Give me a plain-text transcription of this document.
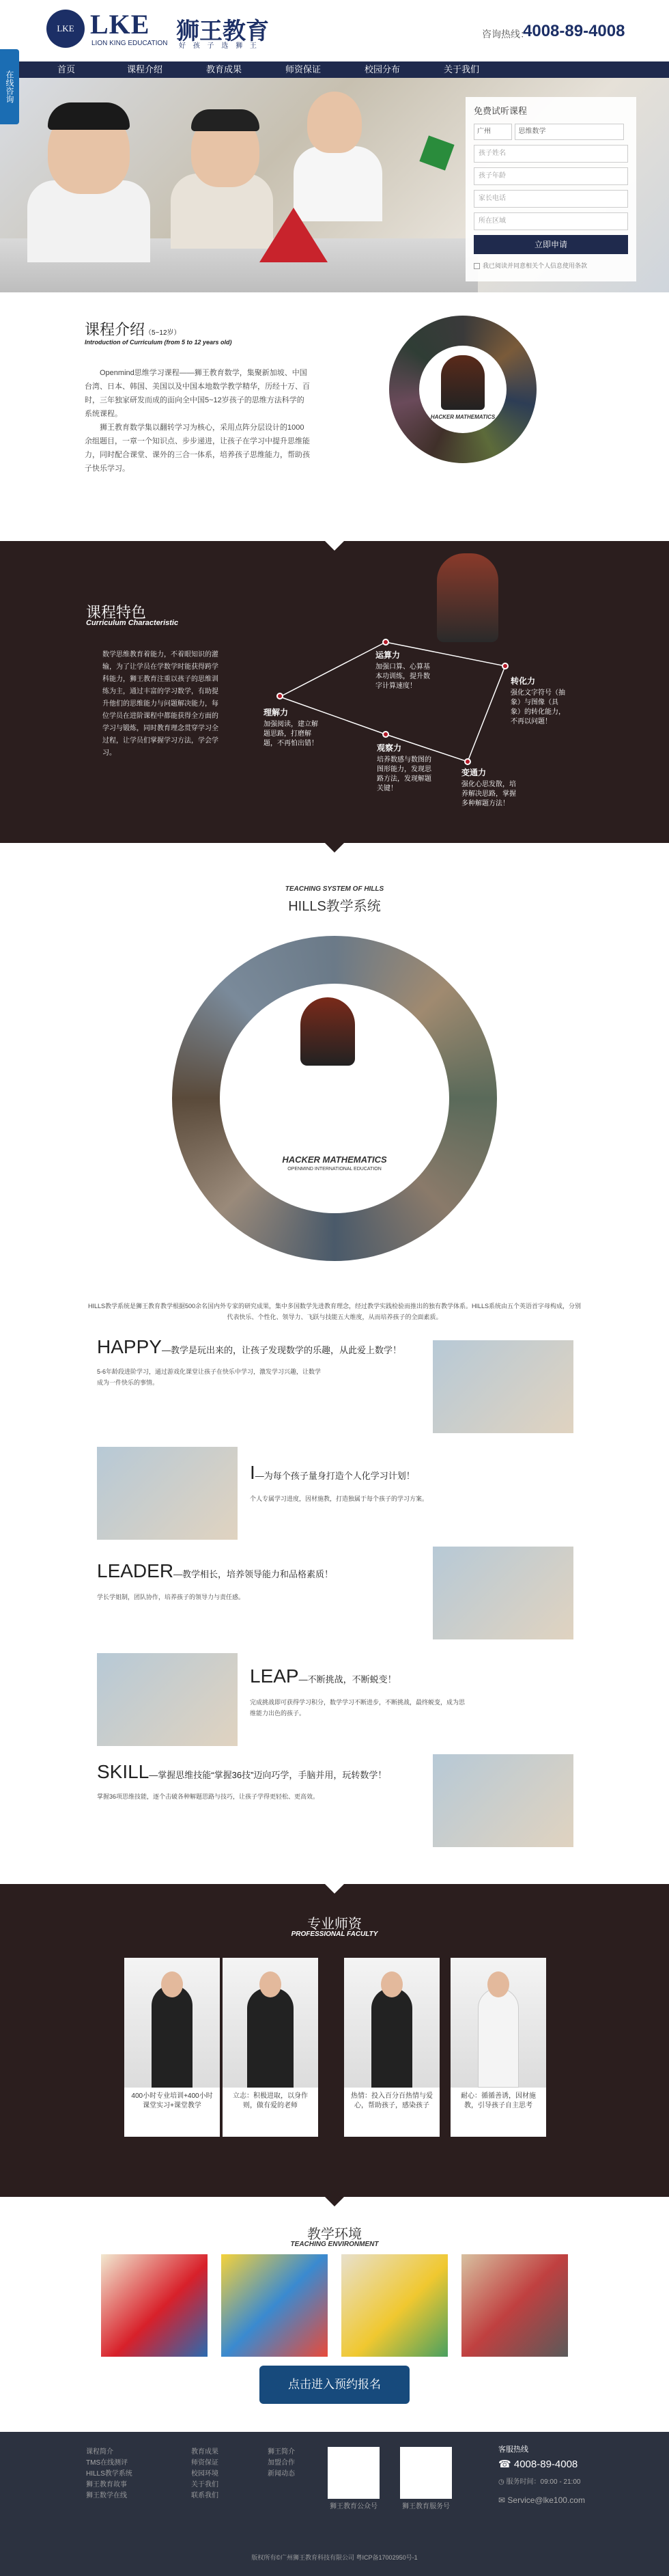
LKE LKE
LION KING EDUCATION 狮王教育
好 孩 子 选 狮 王
咨询热线：
4008-89-4008
首页	课程介绍	教育成果	师资保证	校园分布	关于我们
在线咨询
免费试听课程
广州	思维数学
孩子姓名
孩子年龄
家长电话
所在区域
立即申请
我已阅读并同意相关个人信息使用条款
课程介绍（5~12岁）
Introduction of Curriculum (from 5 to 12 years old)
Openmind思维学习课程——狮王教育数学，集聚新加坡、中国台湾、日本、韩国、美国以及中国本地数学教学精华，历经十万、百时，三年独家研发而成的面向全中国5~12岁孩子的思维方法科学的系统课程。
狮王教育数学集以翻转学习为核心，采用点阵分层设计的1000余组题目，一章一个知识点、步步递进，让孩子在学习中提升思维能力，同时配合课堂、课外的三合一体系，培养孩子思维能力，帮助孩子快乐学习。
HACKER MATHEMATICS
课程特色
Curriculum Characteristic
数学思维教育着能力，不着眼知识的灌输，为了让学员在学数学时能获得跨学科能力，狮王教育注重以孩子的思维训练为主，通过丰富的学习数学，有助提升他们的思维能力与问题解决能力，每位学员在进阶课程中都能获得全方面的学习与锻炼，同时教育理念贯穿学习全过程，让学员们掌握学习方法，学会学习。
运算力
加强口算、心算基本功训练，提升数字计算速度！
转化力
强化文字符号（抽象）与图像（具象）的转化能力，不再以问题！
理解力
加强阅读，建立解题思路，打磨解题，不再怕出错！	观察力
培养数感与数图的图形能力，发现思路方法，发现解题关键！
变通力
强化心思发散，培养解决思路，掌握多种解题方法！
TEACHING SYSTEM OF HILLS
HILLS教学系统
HACKER MATHEMATICS
OPENMIND INTERNATIONAL EDUCATION
HILLS教学系统是狮王教育教学根据500余名国内外专家的研究成果，集中多国数学先进教育理念，经过教学实践检验而推出的独有教学体系。HILLS系统由五个英语首字母构成，分别代表快乐、个性化、领导力、飞跃与技能五大维度，从而培养孩子的全面素质。
HAPPY—教学是玩出来的，让孩子发现数学的乐趣，从此爱上数学！
5-6年龄段进阶学习，通过游戏化课堂让孩子在快乐中学习，激发学习兴趣，让数学成为一件快乐的事情。
I—为每个孩子量身打造个人化学习计划！
个人专属学习进度，因材施教，打造独属于每个孩子的学习方案。
LEADER—教学相长，培养领导能力和品格素质！
学长学姐制，团队协作，培养孩子的领导力与责任感。
LEAP—不断挑战，不断蜕变！
完成挑战即可获得学习积分，数学学习不断进步，不断挑战，最终蜕变，成为思维能力出色的孩子。
SKILL—掌握思维技能“掌握36技”迈向巧学，手脑并用，玩转数学！
掌握36项思维技能，逐个击破各种解题思路与技巧，让孩子学得更轻松、更高效。
专业师资
PROFESSIONAL FACULTY
400小时专业培训+400小时课堂实习+课堂教学
立志：积极进取，以身作则，做有爱的老师
热情：投入百分百热情与爱心，帮助孩子，感染孩子
耐心：循循善诱，因材施教，引导孩子自主思考
教学环境
TEACHING ENVIRONMENT
点击进入预约报名
课程简介
TMS在线测评
HILLS教学系统
狮王教育故事
狮王数学在线
教育成果
师资保证
校园环境
关于我们
联系我们
狮王简介
加盟合作
新闻动态
狮王教育公众号	狮王教育服务号
客服热线
☎ 4008-89-4008
◷ 服务时间：09:00 - 21:00
✉ Service@lke100.com
版权所有©广州狮王教育科技有限公司 粤ICP备17002950号-1
